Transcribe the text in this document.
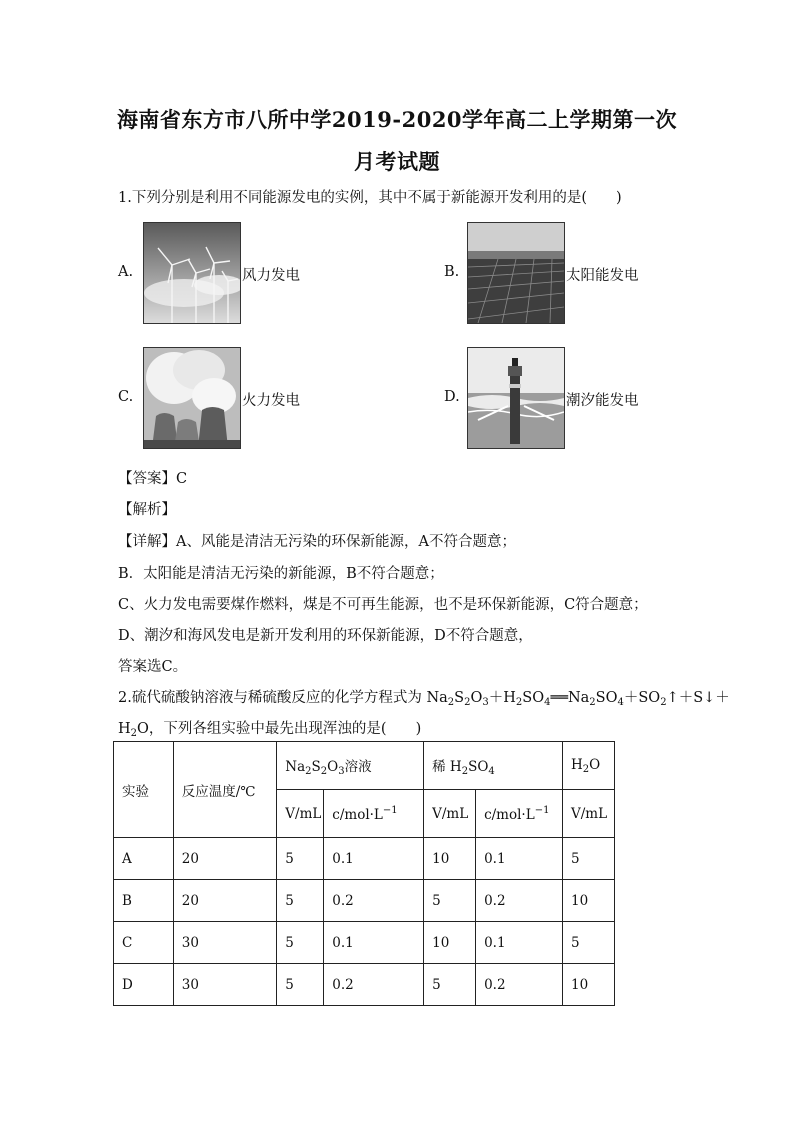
海南省东方市八所中学2019-2020学年高二上学期第一次
月考试题
1.下列分别是利用不同能源发电的实例，其中不属于新能源开发利用的是(　　)
A.	风力发电	B.	太阳能发电
C.	火力发电	D.	潮汐能发电
【答案】C
【解析】
【详解】A、风能是清洁无污染的环保新能源，A不符合题意；
B．太阳能是清洁无污染的新能源，B不符合题意；
C、火力发电需要煤作燃料，煤是不可再生能源，也不是环保新能源，C符合题意；
D、潮汐和海风发电是新开发利用的环保新能源，D不符合题意，
答案选C。
2.硫代硫酸钠溶液与稀硫酸反应的化学方程式为 $Na_2S_2O_3+H_2SO_4══Na_2SO_4+SO_2↑+S↓+$
$H_2O$，下列各组实验中最先出现浑浊的是(　　)
实验	反应温度/℃	$Na_2S_2O_3$溶液		稀 $H_2SO_4$		$H_2O$
		V/mL	$c/mol\cdot L^{-1}$	V/mL	$c/mol\cdot L^{-1}$	V/mL
A	20	5	0.1	10	0.1	5
B	20	5	0.2	5	0.2	10
C	30	5	0.1	10	0.1	5
D	30	5	0.2	5	0.2	10
